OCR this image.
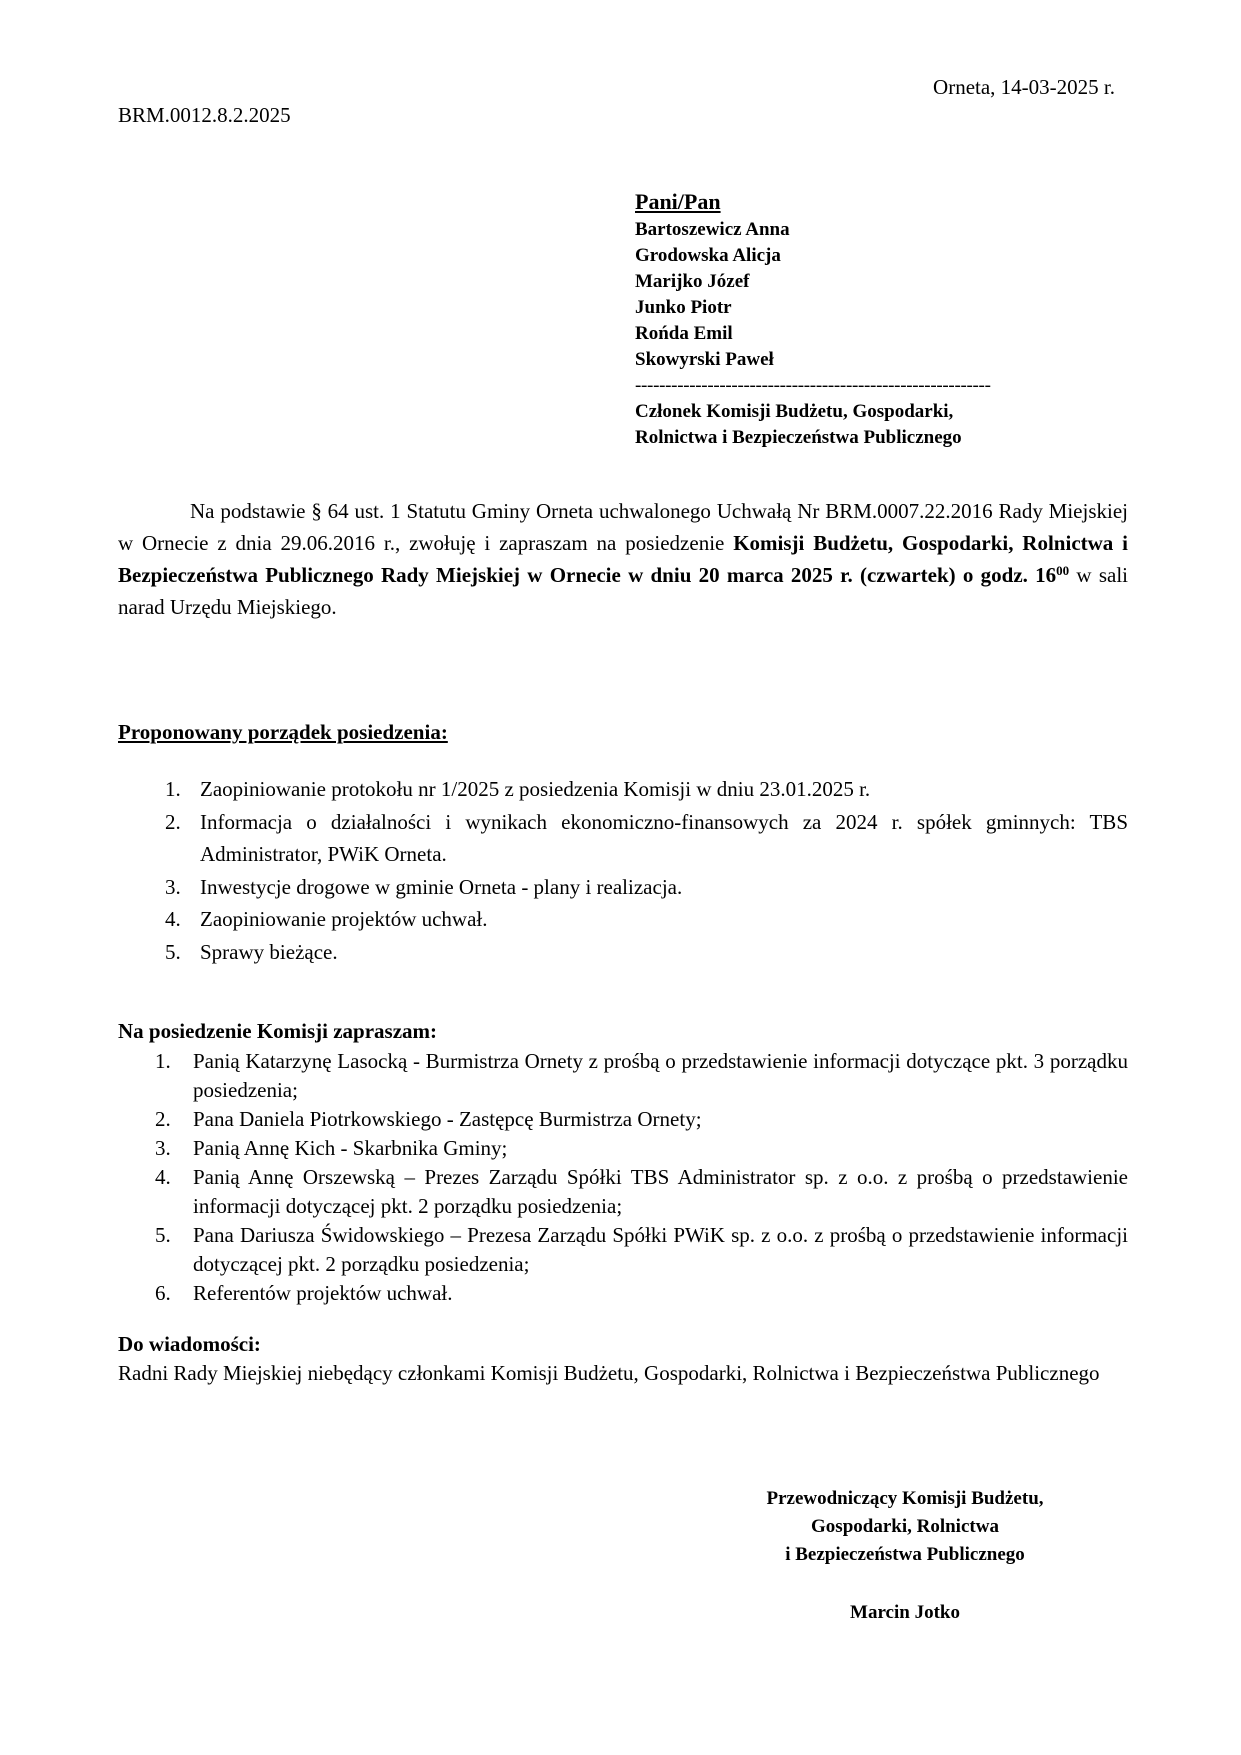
Orneta, 14-03-2025 r.
BRM.0012.8.2.2025
Pani/Pan
Bartoszewicz Anna
Grodowska Alicja
Marijko Józef
Junko Piotr
Rońda Emil
Skowyrski Paweł
-----------------------------------------------------------
Członek Komisji Budżetu, Gospodarki,
Rolnictwa i Bezpieczeństwa Publicznego
Na podstawie § 64 ust. 1 Statutu Gminy Orneta uchwalonego Uchwałą Nr BRM.0007.22.2016 Rady Miejskiej w Ornecie z dnia 29.06.2016 r., zwołuję i zapraszam na posiedzenie Komisji Budżetu, Gospodarki, Rolnictwa i Bezpieczeństwa Publicznego Rady Miejskiej w Ornecie w dniu 20 marca 2025 r. (czwartek) o godz. $16^{00}$ w sali narad Urzędu Miejskiego.
Proponowany porządek posiedzenia:
1. Zaopiniowanie protokołu nr 1/2025 z posiedzenia Komisji w dniu 23.01.2025 r.
2. Informacja o działalności i wynikach ekonomiczno-finansowych za 2024 r. spółek gminnych: TBS Administrator, PWiK Orneta.
3. Inwestycje drogowe w gminie Orneta - plany i realizacja.
4. Zaopiniowanie projektów uchwał.
5. Sprawy bieżące.
Na posiedzenie Komisji zapraszam:
1. Panią Katarzynę Lasocką - Burmistrza Ornety z prośbą o przedstawienie informacji dotyczące pkt. 3 porządku posiedzenia;
2. Pana Daniela Piotrkowskiego - Zastępcę Burmistrza Ornety;
3. Panią Annę Kich - Skarbnika Gminy;
4. Panią Annę Orszewską – Prezes Zarządu Spółki TBS Administrator sp. z o.o. z prośbą o przedstawienie informacji dotyczącej pkt. 2 porządku posiedzenia;
5. Pana Dariusza Świdowskiego – Prezesa Zarządu Spółki PWiK sp. z o.o. z prośbą o przedstawienie informacji dotyczącej pkt. 2 porządku posiedzenia;
6. Referentów projektów uchwał.
Do wiadomości:
Radni Rady Miejskiej niebędący członkami Komisji Budżetu, Gospodarki, Rolnictwa i Bezpieczeństwa Publicznego
Przewodniczący Komisji Budżetu,
Gospodarki, Rolnictwa
i Bezpieczeństwa Publicznego
Marcin Jotko
